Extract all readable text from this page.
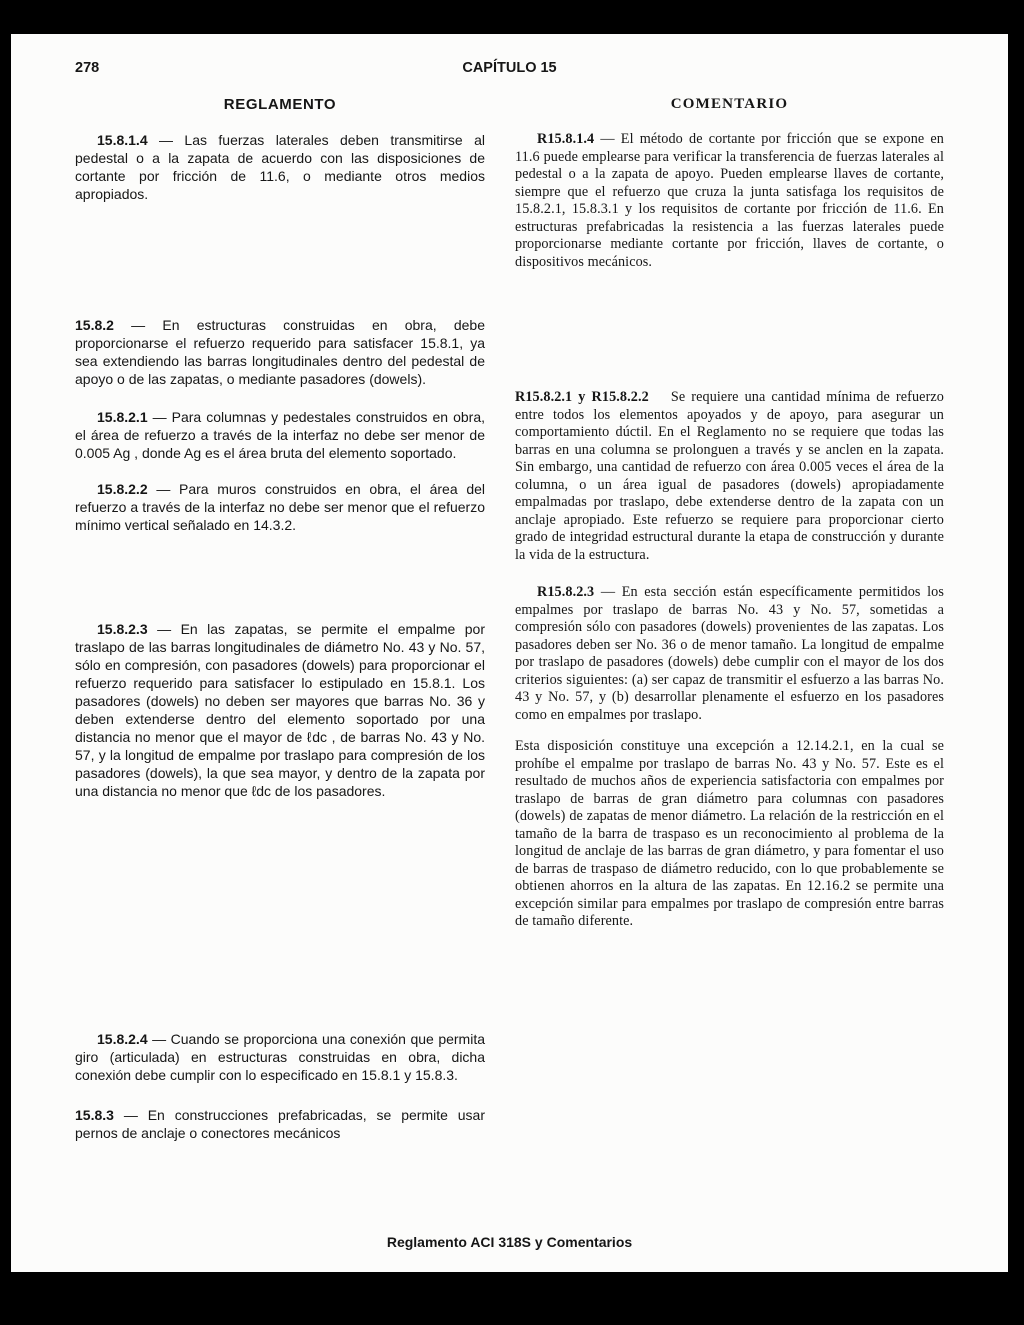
278	CAPÍTULO 15
REGLAMENTO

15.8.1.4 — Las fuerzas laterales deben transmitirse al pedestal o a la zapata de acuerdo con las disposiciones de cortante por fricción de 11.6, o mediante otros medios apropiados.

15.8.2 — En estructuras construidas en obra, debe proporcionarse el refuerzo requerido para satisfacer 15.8.1, ya sea extendiendo las barras longitudinales dentro del pedestal de apoyo o de las zapatas, o mediante pasadores (dowels).

15.8.2.1 — Para columnas y pedestales construidos en obra, el área de refuerzo a través de la interfaz no debe ser menor de 0.005 Ag , donde Ag es el área bruta del elemento soportado.

15.8.2.2 — Para muros construidos en obra, el área del refuerzo a través de la interfaz no debe ser menor que el refuerzo mínimo vertical señalado en 14.3.2.

15.8.2.3 — En las zapatas, se permite el empalme por traslapo de las barras longitudinales de diámetro No. 43 y No. 57, sólo en compresión, con pasadores (dowels) para proporcionar el refuerzo requerido para satisfacer lo estipulado en 15.8.1. Los pasadores (dowels) no deben ser mayores que barras No. 36 y deben extenderse dentro del elemento soportado por una distancia no menor que el mayor de ℓdc , de barras No. 43 y No. 57, y la longitud de empalme por traslapo para compresión de los pasadores (dowels), la que sea mayor, y dentro de la zapata por una distancia no menor que ℓdc de los pasadores.

15.8.2.4 — Cuando se proporciona una conexión que permita giro (articulada) en estructuras construidas en obra, dicha conexión debe cumplir con lo especificado en 15.8.1 y 15.8.3.

15.8.3 — En construcciones prefabricadas, se permite usar pernos de anclaje o conectores mecánicos

COMENTARIO

R15.8.1.4 — El método de cortante por fricción que se expone en 11.6 puede emplearse para verificar la transferencia de fuerzas laterales al pedestal o a la zapata de apoyo. Pueden emplearse llaves de cortante, siempre que el refuerzo que cruza la junta satisfaga los requisitos de 15.8.2.1, 15.8.3.1 y los requisitos de cortante por fricción de 11.6. En estructuras prefabricadas la resistencia a las fuerzas laterales puede proporcionarse mediante cortante por fricción, llaves de cortante, o dispositivos mecánicos.

R15.8.2.1 y R15.8.2.2 Se requiere una cantidad mínima de refuerzo entre todos los elementos apoyados y de apoyo, para asegurar un comportamiento dúctil. En el Reglamento no se requiere que todas las barras en una columna se prolonguen a través y se anclen en la zapata. Sin embargo, una cantidad de refuerzo con área 0.005 veces el área de la columna, o un área igual de pasadores (dowels) apropiadamente empalmadas por traslapo, debe extenderse dentro de la zapata con un anclaje apropiado. Este refuerzo se requiere para proporcionar cierto grado de integridad estructural durante la etapa de construcción y durante la vida de la estructura.

R15.8.2.3 — En esta sección están específicamente permitidos los empalmes por traslapo de barras No. 43 y No. 57, sometidas a compresión sólo con pasadores (dowels) provenientes de las zapatas. Los pasadores deben ser No. 36 o de menor tamaño. La longitud de empalme por traslapo de pasadores (dowels) debe cumplir con el mayor de los dos criterios siguientes: (a) ser capaz de transmitir el esfuerzo a las barras No. 43 y No. 57, y (b) desarrollar plenamente el esfuerzo en los pasadores como en empalmes por traslapo.

Esta disposición constituye una excepción a 12.14.2.1, en la cual se prohíbe el empalme por traslapo de barras No. 43 y No. 57. Este es el resultado de muchos años de experiencia satisfactoria con empalmes por traslapo de barras de gran diámetro para columnas con pasadores (dowels) de zapatas de menor diámetro. La relación de la restricción en el tamaño de la barra de traspaso es un reconocimiento al problema de la longitud de anclaje de las barras de gran diámetro, y para fomentar el uso de barras de traspaso de diámetro reducido, con lo que probablemente se obtienen ahorros en la altura de las zapatas. En 12.16.2 se permite una excepción similar para empalmes por traslapo de compresión entre barras de tamaño diferente.

Reglamento ACI 318S y Comentarios
